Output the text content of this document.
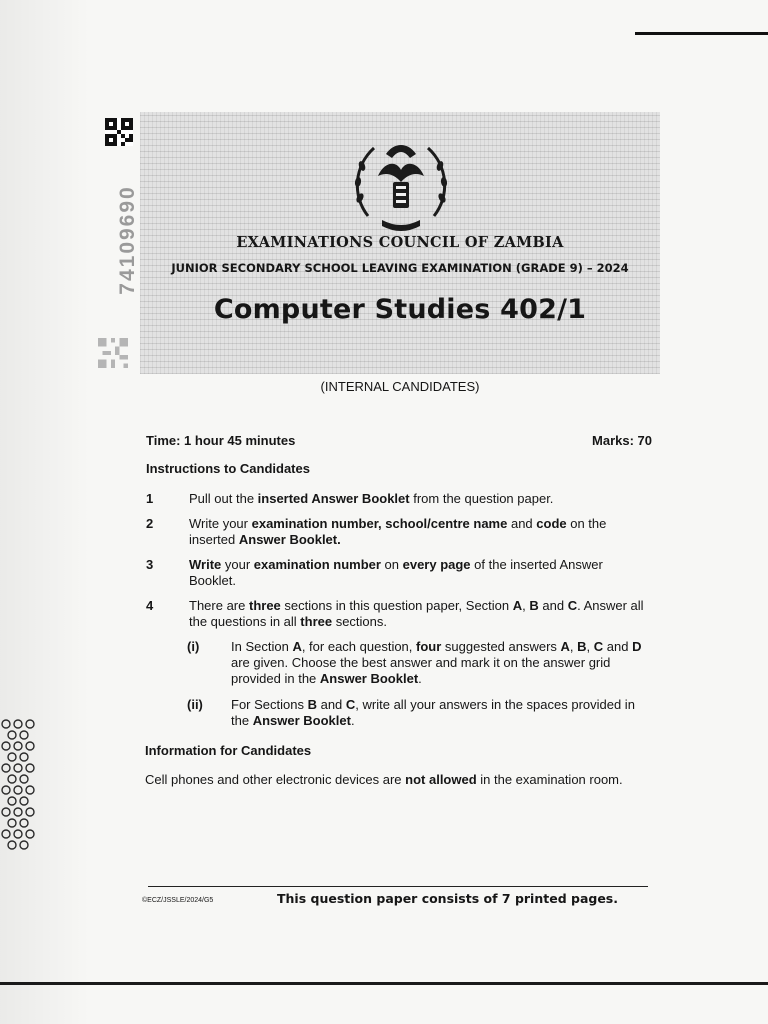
EXAMINATIONS COUNCIL OF ZAMBIA
JUNIOR SECONDARY SCHOOL LEAVING EXAMINATION (GRADE 9) – 2024
Computer Studies 402/1
(INTERNAL CANDIDATES)
74109690
Time: 1 hour 45 minutes	Marks: 70
Instructions to Candidates
1	Pull out the inserted Answer Booklet from the question paper.
2	Write your examination number, school/centre name and code on the inserted Answer Booklet.
3	Write your examination number on every page of the inserted Answer Booklet.
4	There are three sections in this question paper, Section A, B and C. Answer all the questions in all three sections.
(i) In Section A, for each question, four suggested answers A, B, C and D are given. Choose the best answer and mark it on the answer grid provided in the Answer Booklet.
(ii) For Sections B and C, write all your answers in the spaces provided in the Answer Booklet.
Information for Candidates
Cell phones and other electronic devices are not allowed in the examination room.
©ECZ/JSSLE/2024/G5	This question paper consists of 7 printed pages.
